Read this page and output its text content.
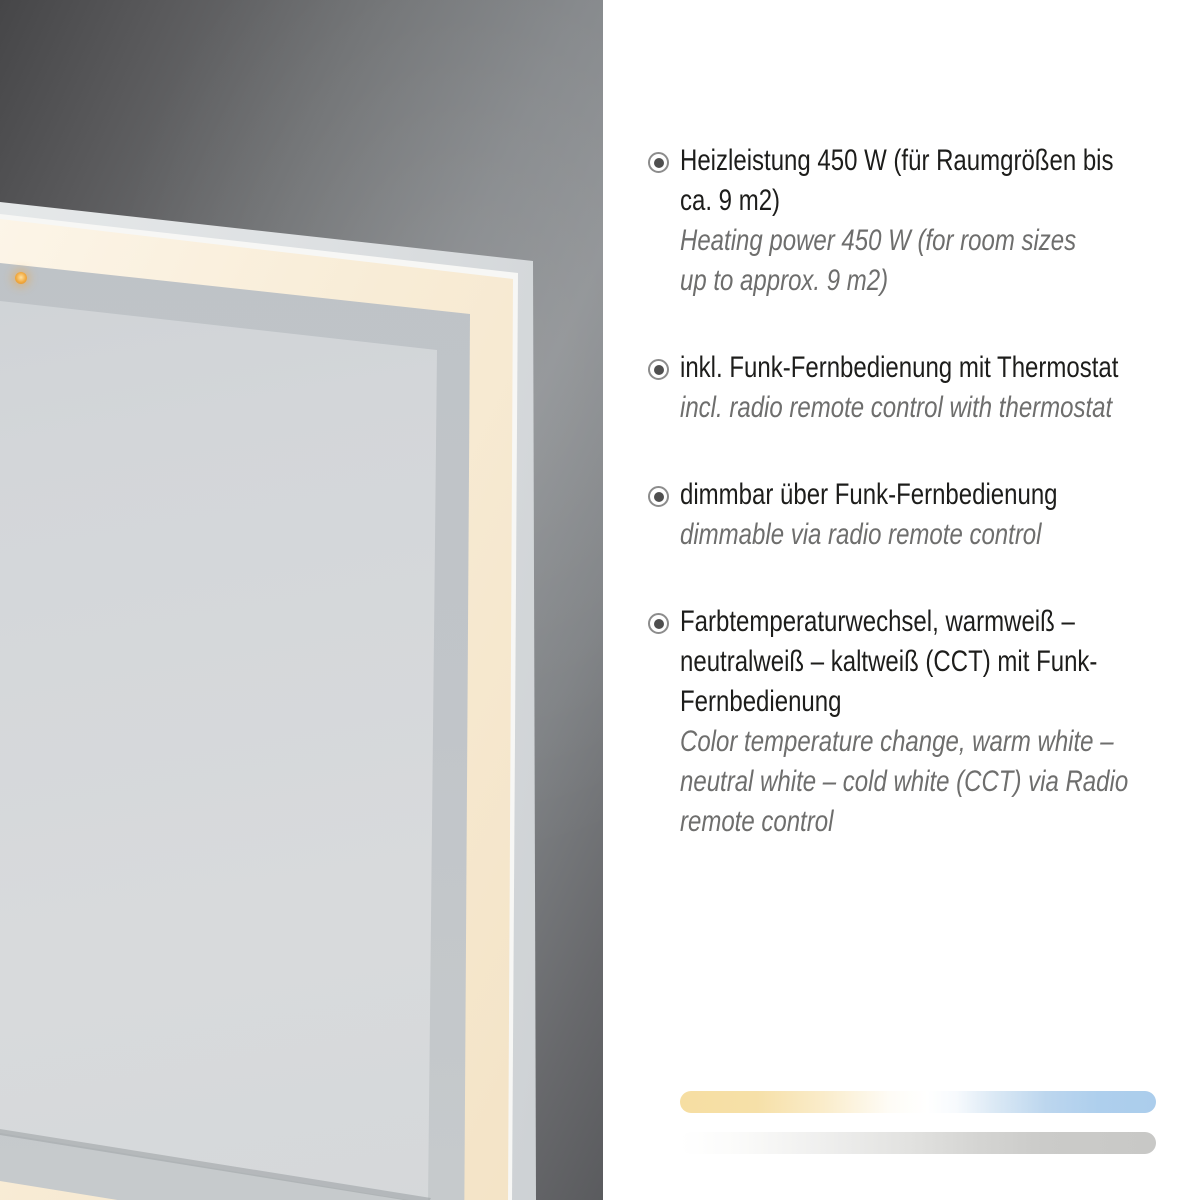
Heizleistung 450 W (für Raumgrößen bis
ca. 9 m2)
Heating power 450 W (for room sizes
up to approx. 9 m2)
inkl. Funk-Fernbedienung mit Thermostat
incl. radio remote control with thermostat
dimmbar über Funk-Fernbedienung
dimmable via radio remote control
Farbtemperaturwechsel, warmweiß –
neutralweiß – kaltweiß (CCT) mit Funk-
Fernbedienung
Color temperature change, warm white –
neutral white – cold white (CCT) via Radio
remote control
